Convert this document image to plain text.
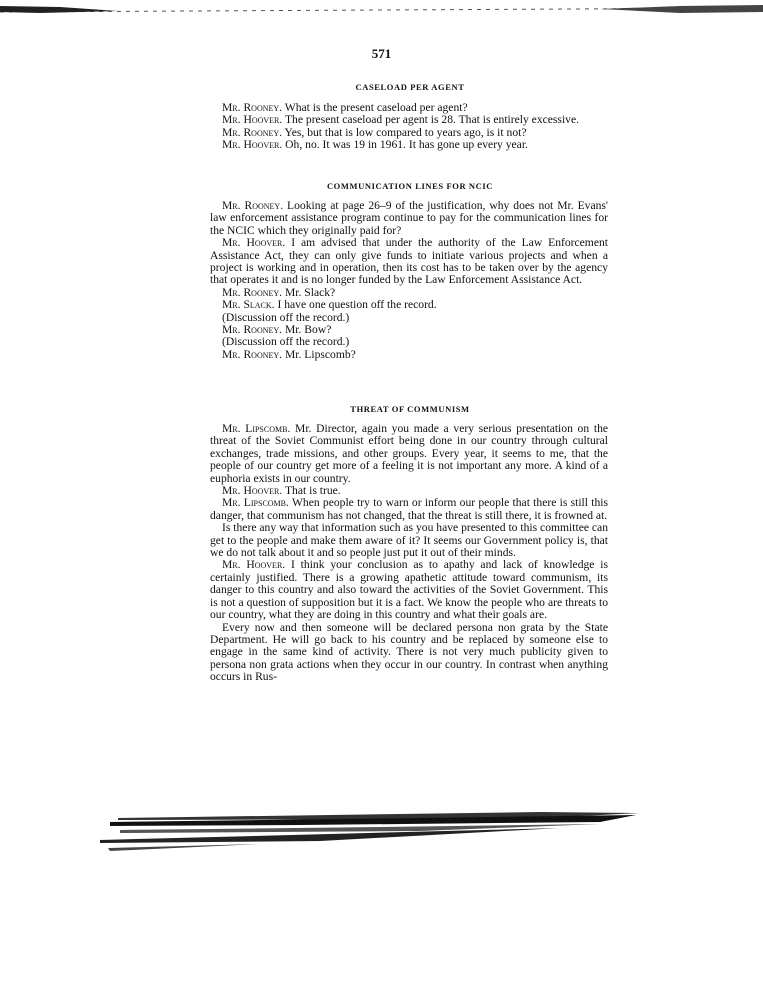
571
CASELOAD PER AGENT

Mr. Rooney. What is the present caseload per agent?

Mr. Hoover. The present caseload per agent is 28. That is entirely excessive.

Mr. Rooney. Yes, but that is low compared to years ago, is it not?

Mr. Hoover. Oh, no. It was 19 in 1961. It has gone up every year.

COMMUNICATION LINES FOR NCIC

Mr. Rooney. Looking at page 26–9 of the justification, why does not Mr. Evans' law enforcement assistance program continue to pay for the communication lines for the NCIC which they originally paid for?

Mr. Hoover. I am advised that under the authority of the Law Enforcement Assistance Act, they can only give funds to initiate various projects and when a project is working and in operation, then its cost has to be taken over by the agency that operates it and is no longer funded by the Law Enforcement Assistance Act.

Mr. Rooney. Mr. Slack?

Mr. Slack. I have one question off the record.

(Discussion off the record.)

Mr. Rooney. Mr. Bow?

(Discussion off the record.)

Mr. Rooney. Mr. Lipscomb?

THREAT OF COMMUNISM

Mr. Lipscomb. Mr. Director, again you made a very serious presentation on the threat of the Soviet Communist effort being done in our country through cultural exchanges, trade missions, and other groups. Every year, it seems to me, that the people of our country get more of a feeling it is not important any more. A kind of a euphoria exists in our country.

Mr. Hoover. That is true.

Mr. Lipscomb. When people try to warn or inform our people that there is still this danger, that communism has not changed, that the threat is still there, it is frowned at.

Is there any way that information such as you have presented to this committee can get to the people and make them aware of it? It seems our Government policy is, that we do not talk about it and so people just put it out of their minds.

Mr. Hoover. I think your conclusion as to apathy and lack of knowledge is certainly justified. There is a growing apathetic attitude toward communism, its danger to this country and also toward the activities of the Soviet Government. This is not a question of supposition but it is a fact. We know the people who are threats to our country, what they are doing in this country and what their goals are.

Every now and then someone will be declared persona non grata by the State Department. He will go back to his country and be replaced by someone else to engage in the same kind of activity. There is not very much publicity given to persona non grata actions when they occur in our country. In contrast when anything occurs in Rus-
